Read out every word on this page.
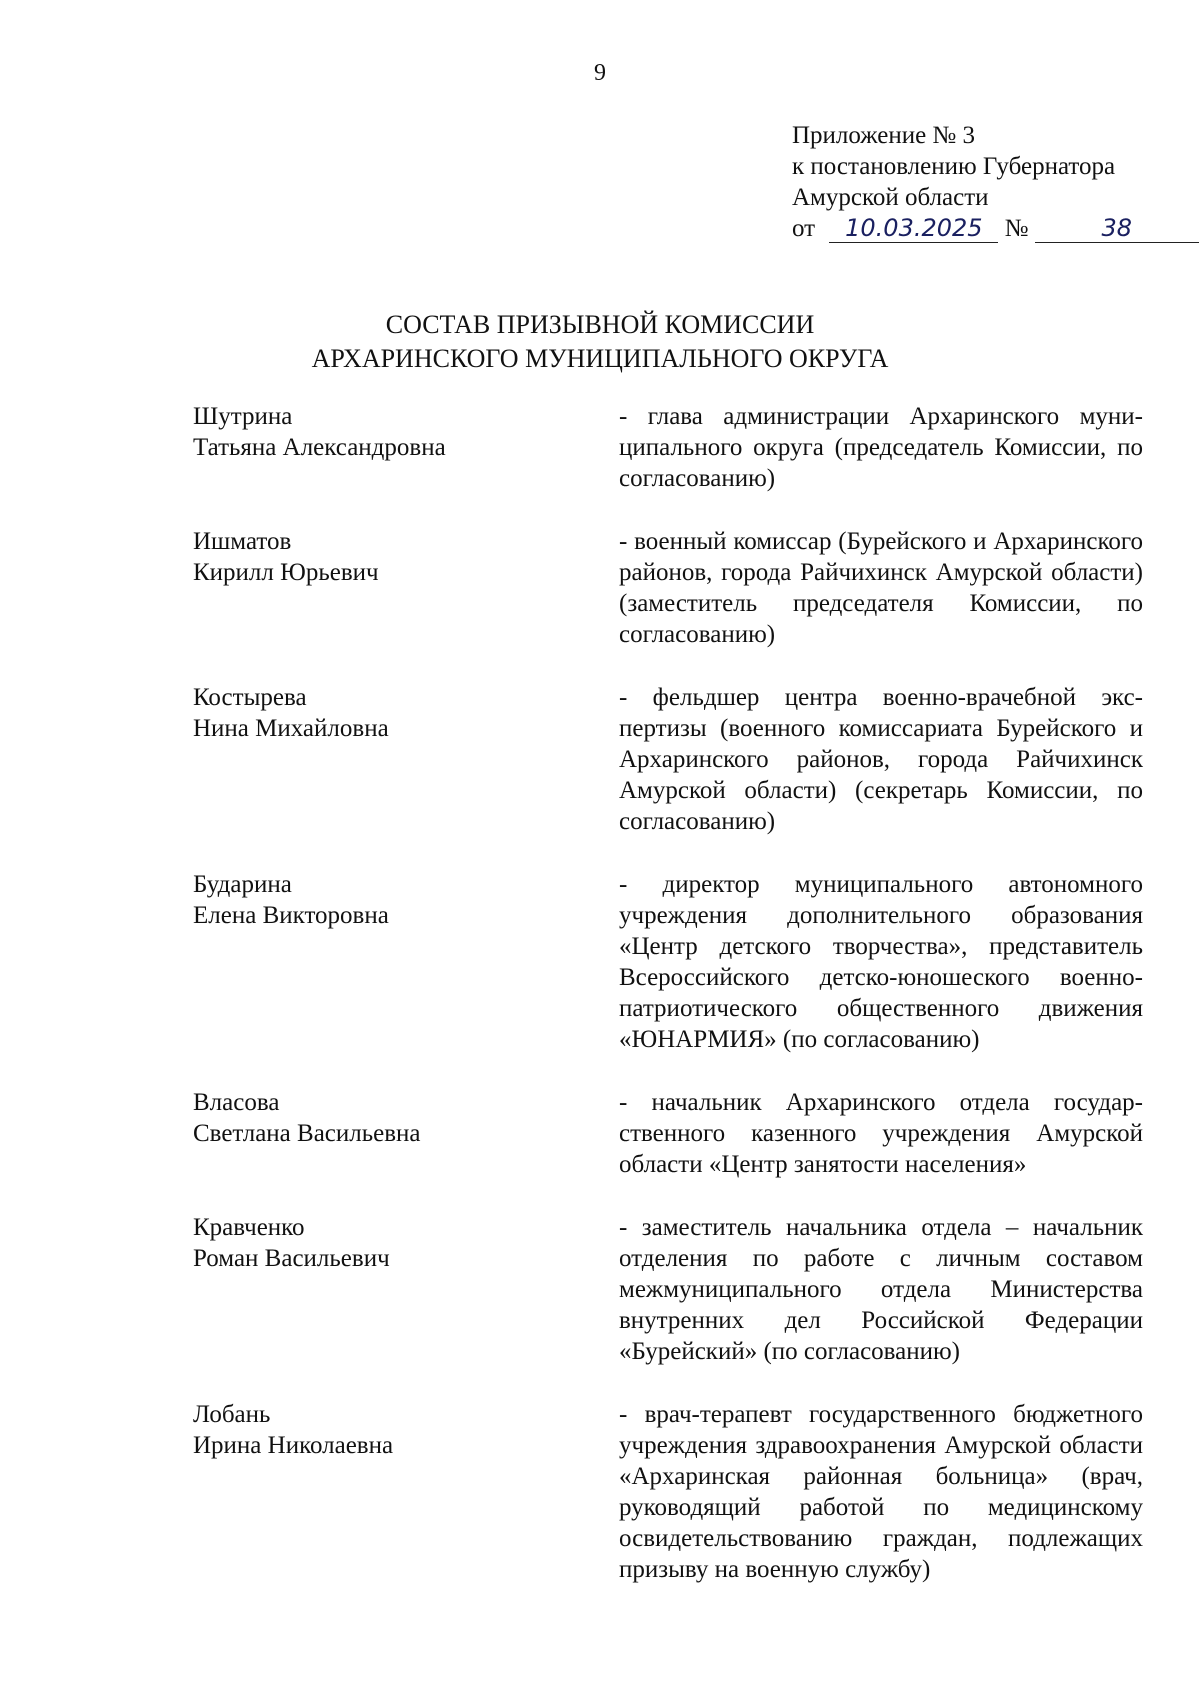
9
Приложение № 3
к постановлению Губернатора
Амурской области
от 10.03.2025 №	38
СОСТАВ ПРИЗЫВНОЙ КОМИССИИ
АРХАРИНСКОГО МУНИЦИПАЛЬНОГО ОКРУГА
Шутрина
Татьяна Александровна
- глава администрации Архаринского муниципального округа (председатель Комиссии, по согласованию)
Ишматов
Кирилл Юрьевич
- военный комиссар (Бурейского и Архаринского районов, города Райчихинск Амурской области) (заместитель председателя Комиссии, по согласованию)
Костырева
Нина Михайловна
- фельдшер центра военно-врачебной экспертизы (военного комиссариата Бурейского и Архаринского районов, города Райчихинск Амурской области) (секретарь Комиссии, по согласованию)
Бударина
Елена Викторовна
- директор муниципального автономного учреждения дополнительного образования «Центр детского творчества», представитель Всероссийского детско-юношеского военно-патриотического общественного движения «ЮНАРМИЯ» (по согласованию)
Власова
Светлана Васильевна
- начальник Архаринского отдела государственного казенного учреждения Амурской области «Центр занятости населения»
Кравченко
Роман Васильевич
- заместитель начальника отдела – начальник отделения по работе с личным составом межмуниципального отдела Министерства внутренних дел Российской Федерации «Бурейский» (по согласованию)
Лобань
Ирина Николаевна
- врач-терапевт государственного бюджетного учреждения здравоохранения Амурской области «Архаринская районная больница» (врач, руководящий работой по медицинскому освидетельствованию граждан, подлежащих призыву на военную службу)
